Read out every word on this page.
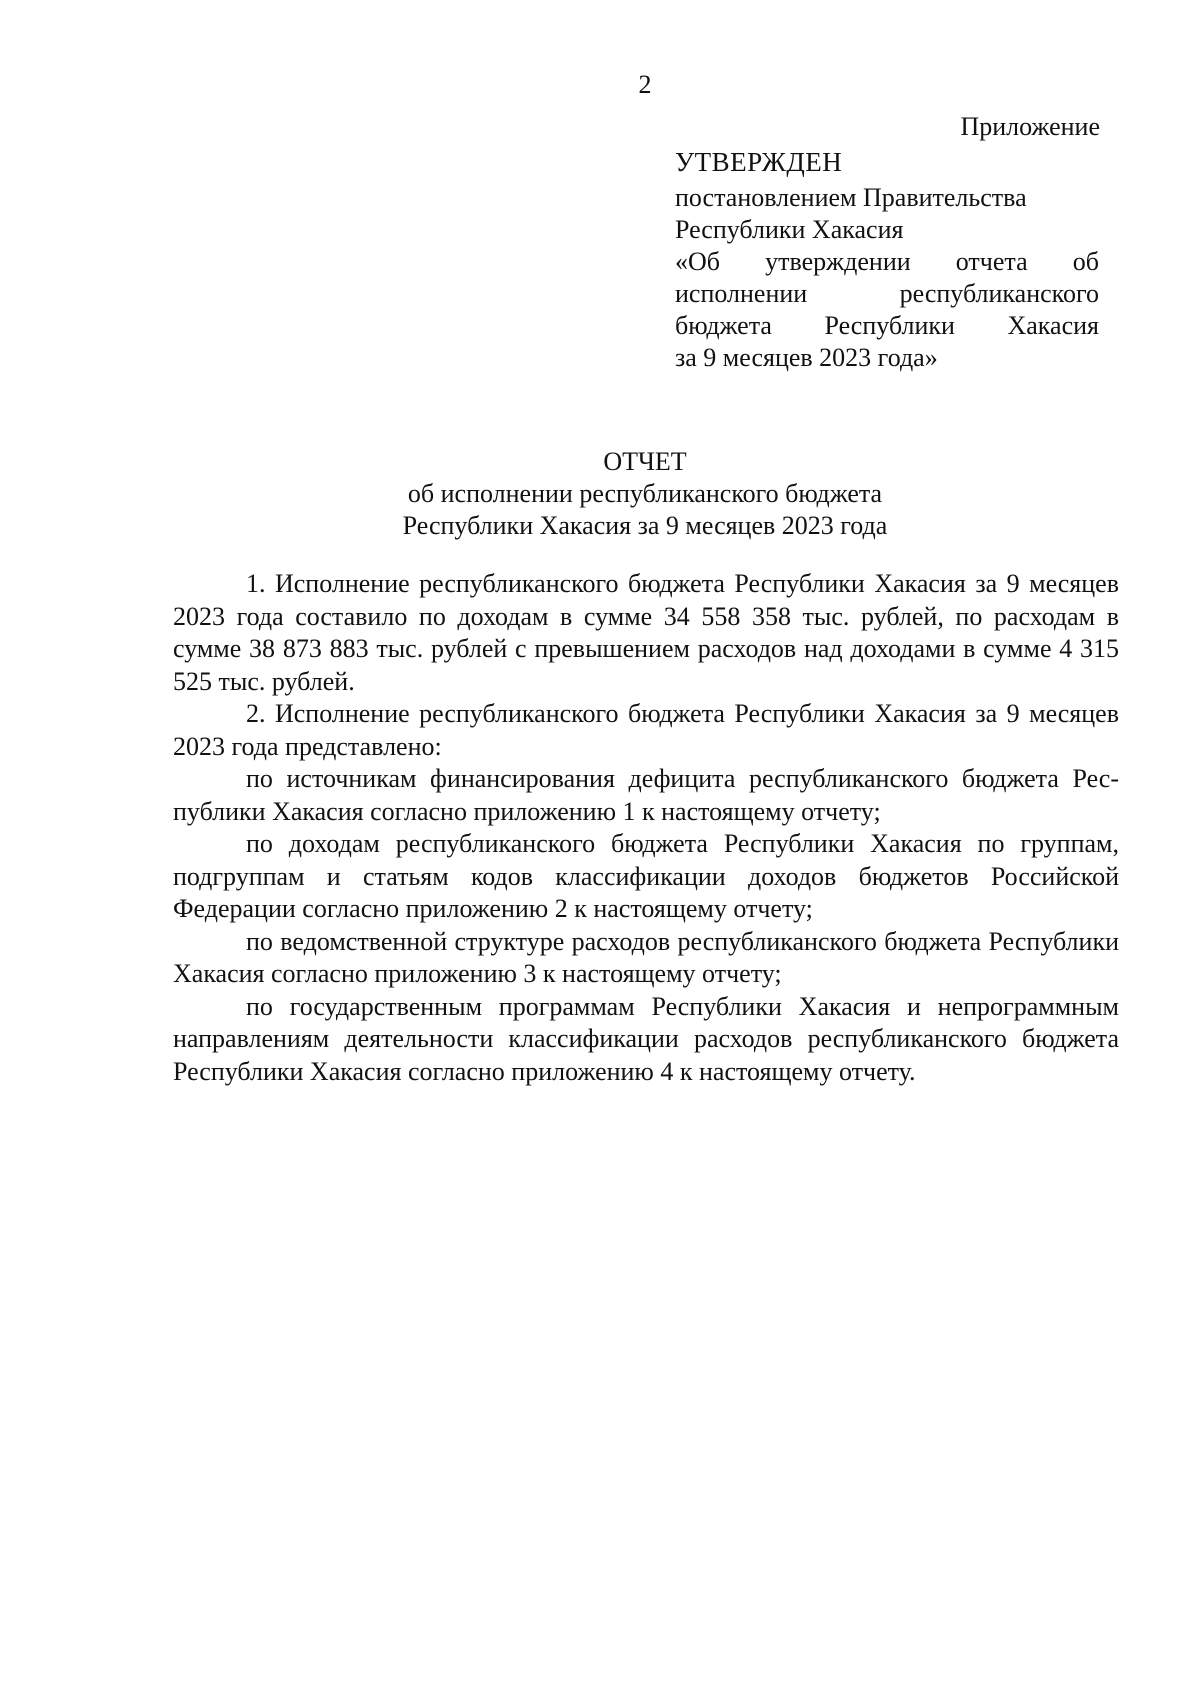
2
Приложение
УТВЕРЖДЕН
постановлением Правительства
Республики Хакасия
«Об утверждении отчета об
исполнении республиканского
бюджета Республики Хакасия
за 9 месяцев 2023 года»
ОТЧЕТ
об исполнении республиканского бюджета
Республики Хакасия за 9 месяцев 2023 года

1. Исполнение республиканского бюджета Республики Хакасия за 9 месяцев 2023 года составило по доходам в сумме 34 558 358 тыс. рублей, по расходам в сумме 38 873 883 тыс. рублей с превышением расходов над доходами в сумме 4 315 525 тыс. рублей.

2. Исполнение республиканского бюджета Республики Хакасия за 9 месяцев 2023 года представлено:

по источникам финансирования дефицита республиканского бюджета Республики Хакасия согласно приложению 1 к настоящему отчету;

по доходам республиканского бюджета Республики Хакасия по группам, подгруппам и статьям кодов классификации доходов бюджетов Российской Федерации согласно приложению 2 к настоящему отчету;

по ведомственной структуре расходов республиканского бюджета Республики Хакасия согласно приложению 3 к настоящему отчету;

по государственным программам Республики Хакасия и непрограммным направлениям деятельности классификации расходов республиканского бюджета Республики Хакасия согласно приложению 4 к настоящему отчету.
